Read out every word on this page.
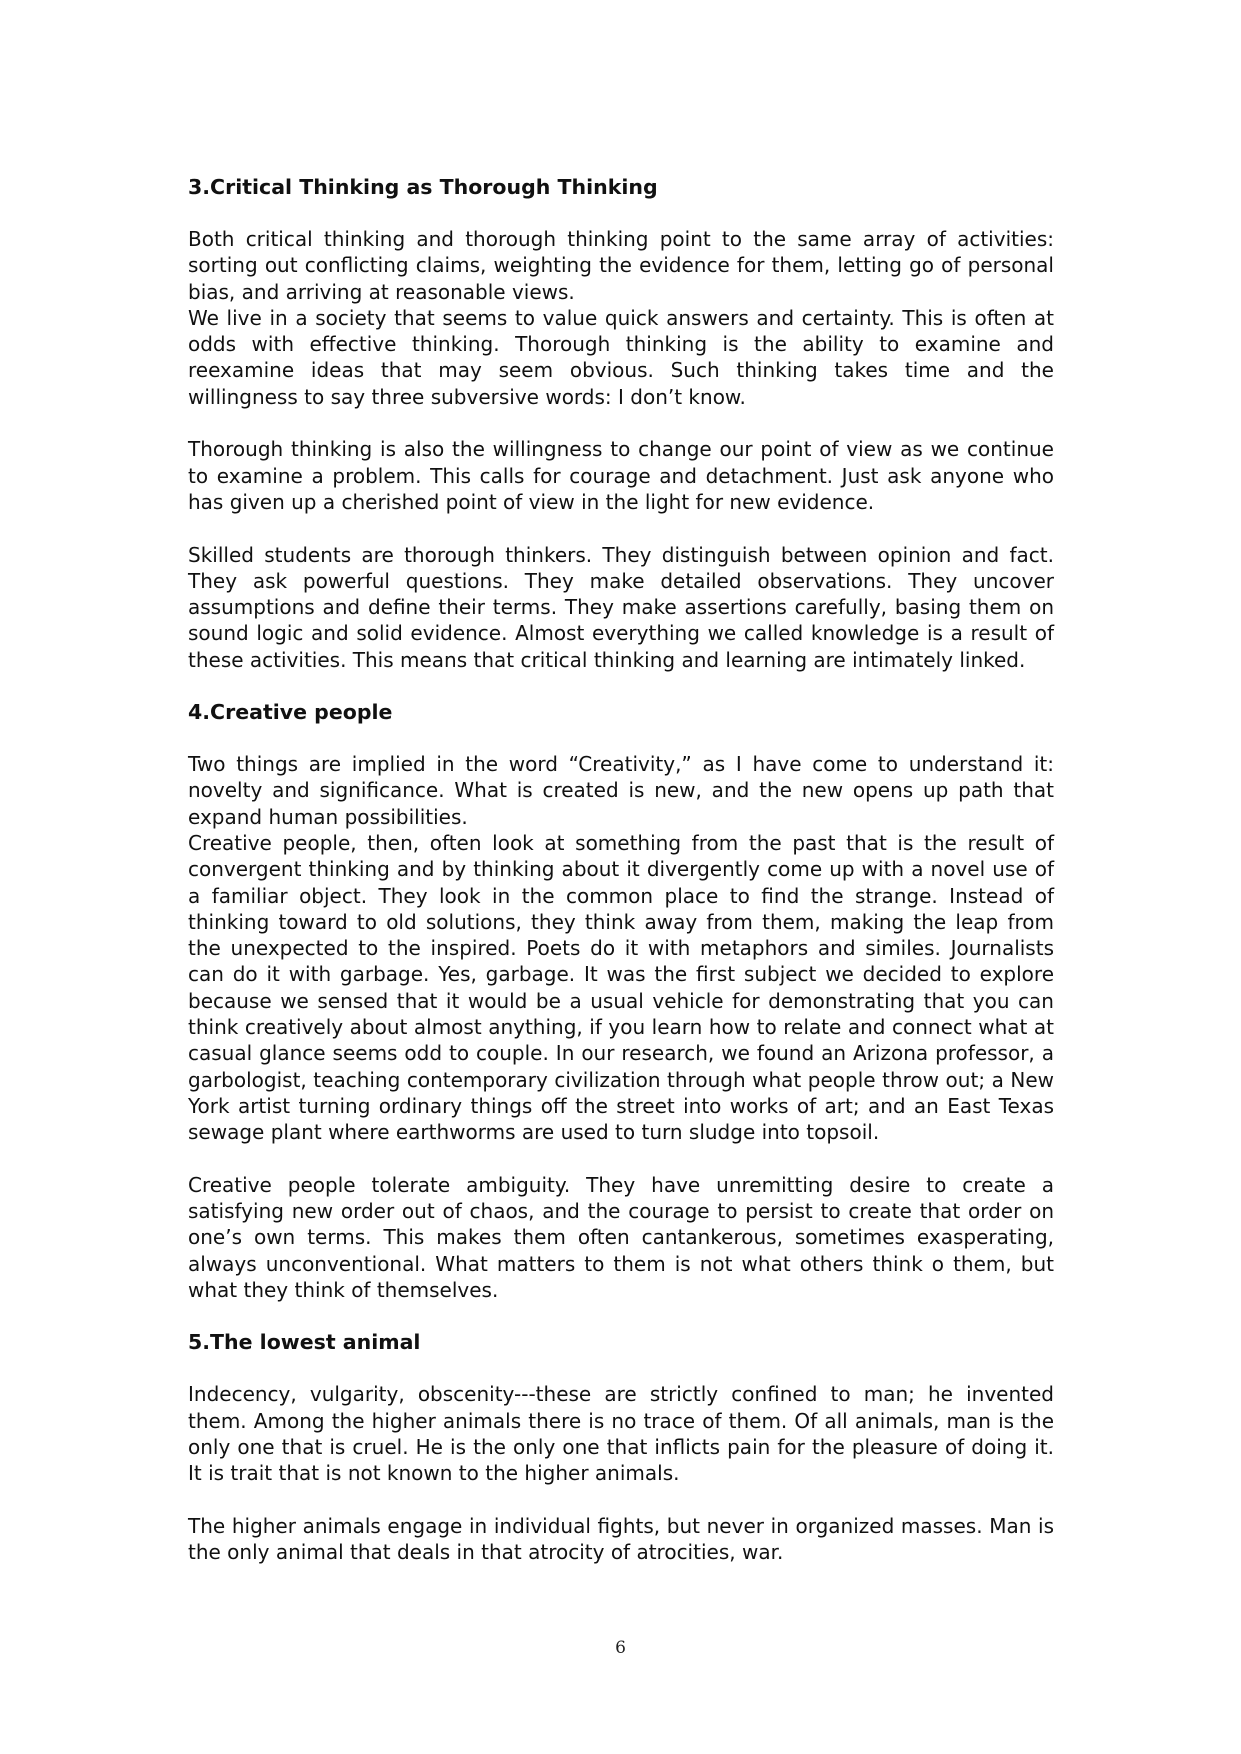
3.Critical Thinking as Thorough Thinking

Both critical thinking and thorough thinking point to the same array of activities: sorting out conflicting claims, weighting the evidence for them, letting go of personal bias, and arriving at reasonable views.

We live in a society that seems to value quick answers and certainty. This is often at odds with effective thinking. Thorough thinking is the ability to examine and reexamine ideas that may seem obvious. Such thinking takes time and the willingness to say three subversive words: I don’t know.

Thorough thinking is also the willingness to change our point of view as we continue to examine a problem. This calls for courage and detachment. Just ask anyone who has given up a cherished point of view in the light for new evidence.

Skilled students are thorough thinkers. They distinguish between opinion and fact. They ask powerful questions. They make detailed observations. They uncover assumptions and define their terms. They make assertions carefully, basing them on sound logic and solid evidence. Almost everything we called knowledge is a result of these activities. This means that critical thinking and learning are intimately linked.

4.Creative people

Two things are implied in the word “Creativity,” as I have come to understand it: novelty and significance. What is created is new, and the new opens up path that expand human possibilities.

Creative people, then, often look at something from the past that is the result of convergent thinking and by thinking about it divergently come up with a novel use of a familiar object. They look in the common place to find the strange. Instead of thinking toward to old solutions, they think away from them, making the leap from the unexpected to the inspired. Poets do it with metaphors and similes. Journalists can do it with garbage. Yes, garbage. It was the first subject we decided to explore because we sensed that it would be a usual vehicle for demonstrating that you can think creatively about almost anything, if you learn how to relate and connect what at casual glance seems odd to couple. In our research, we found an Arizona professor, a garbologist, teaching contemporary civilization through what people throw out; a New York artist turning ordinary things off the street into works of art; and an East Texas sewage plant where earthworms are used to turn sludge into topsoil.

Creative people tolerate ambiguity. They have unremitting desire to create a satisfying new order out of chaos, and the courage to persist to create that order on one’s own terms. This makes them often cantankerous, sometimes exasperating, always unconventional. What matters to them is not what others think o them, but what they think of themselves.

5.The lowest animal

Indecency, vulgarity, obscenity---these are strictly confined to man; he invented them. Among the higher animals there is no trace of them. Of all animals, man is the only one that is cruel. He is the only one that inflicts pain for the pleasure of doing it. It is trait that is not known to the higher animals.

The higher animals engage in individual fights, but never in organized masses. Man is the only animal that deals in that atrocity of atrocities, war.

6
